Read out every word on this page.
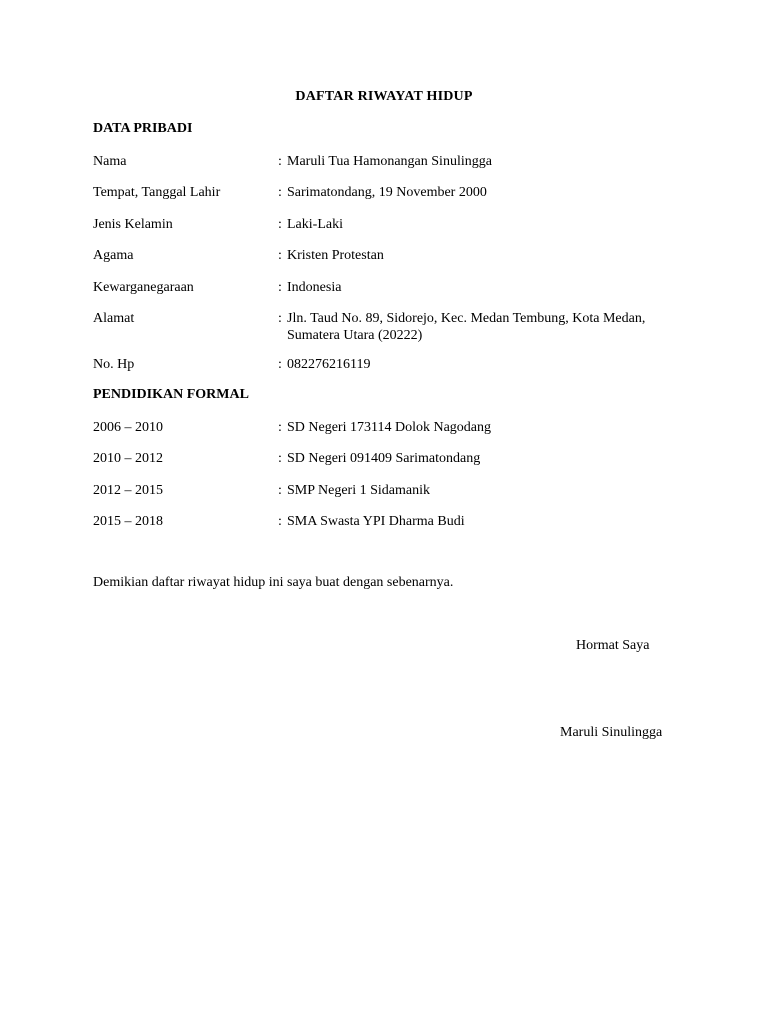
DAFTAR RIWAYAT HIDUP
DATA PRIBADI
Nama	: Maruli Tua Hamonangan Sinulingga
Tempat, Tanggal Lahir	: Sarimatondang, 19 November 2000
Jenis Kelamin	: Laki-Laki
Agama	: Kristen Protestan
Kewarganegaraan	: Indonesia
Alamat	: Jln. Taud No. 89, Sidorejo, Kec. Medan Tembung, Kota Medan, Sumatera Utara (20222)
No. Hp	: 082276216119
PENDIDIKAN FORMAL
2006 – 2010	: SD Negeri 173114 Dolok Nagodang
2010 – 2012	: SD Negeri 091409 Sarimatondang
2012 – 2015	: SMP Negeri 1 Sidamanik
2015 – 2018	: SMA Swasta YPI Dharma Budi
Demikian daftar riwayat hidup ini saya buat dengan sebenarnya.
Hormat Saya
Maruli Sinulingga
